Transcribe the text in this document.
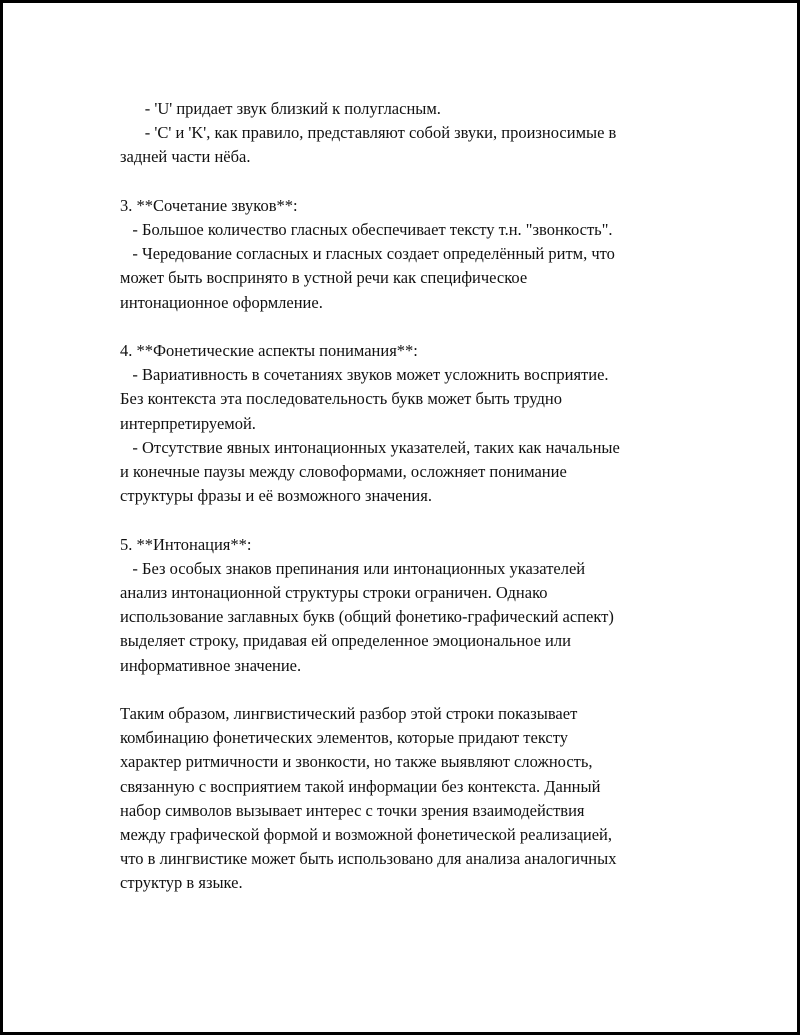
- 'U' придает звук близкий к полугласным.
- 'C' и 'K', как правило, представляют собой звуки, произносимые в
задней части нёба.
3. **Сочетание звуков**:
- Большое количество гласных обеспечивает тексту т.н. "звонкость".
- Чередование согласных и гласных создает определённый ритм, что
может быть воспринято в устной речи как специфическое
интонационное оформление.
4. **Фонетические аспекты понимания**:
- Вариативность в сочетаниях звуков может усложнить восприятие.
Без контекста эта последовательность букв может быть трудно
интерпретируемой.
- Отсутствие явных интонационных указателей, таких как начальные
и конечные паузы между словоформами, осложняет понимание
структуры фразы и её возможного значения.
5. **Интонация**:
- Без особых знаков препинания или интонационных указателей
анализ интонационной структуры строки ограничен. Однако
использование заглавных букв (общий фонетико-графический аспект)
выделяет строку, придавая ей определенное эмоциональное или
информативное значение.
Таким образом, лингвистический разбор этой строки показывает
комбинацию фонетических элементов, которые придают тексту
характер ритмичности и звонкости, но также выявляют сложность,
связанную с восприятием такой информации без контекста. Данный
набор символов вызывает интерес с точки зрения взаимодействия
между графической формой и возможной фонетической реализацией,
что в лингвистике может быть использовано для анализа аналогичных
структур в языке.
